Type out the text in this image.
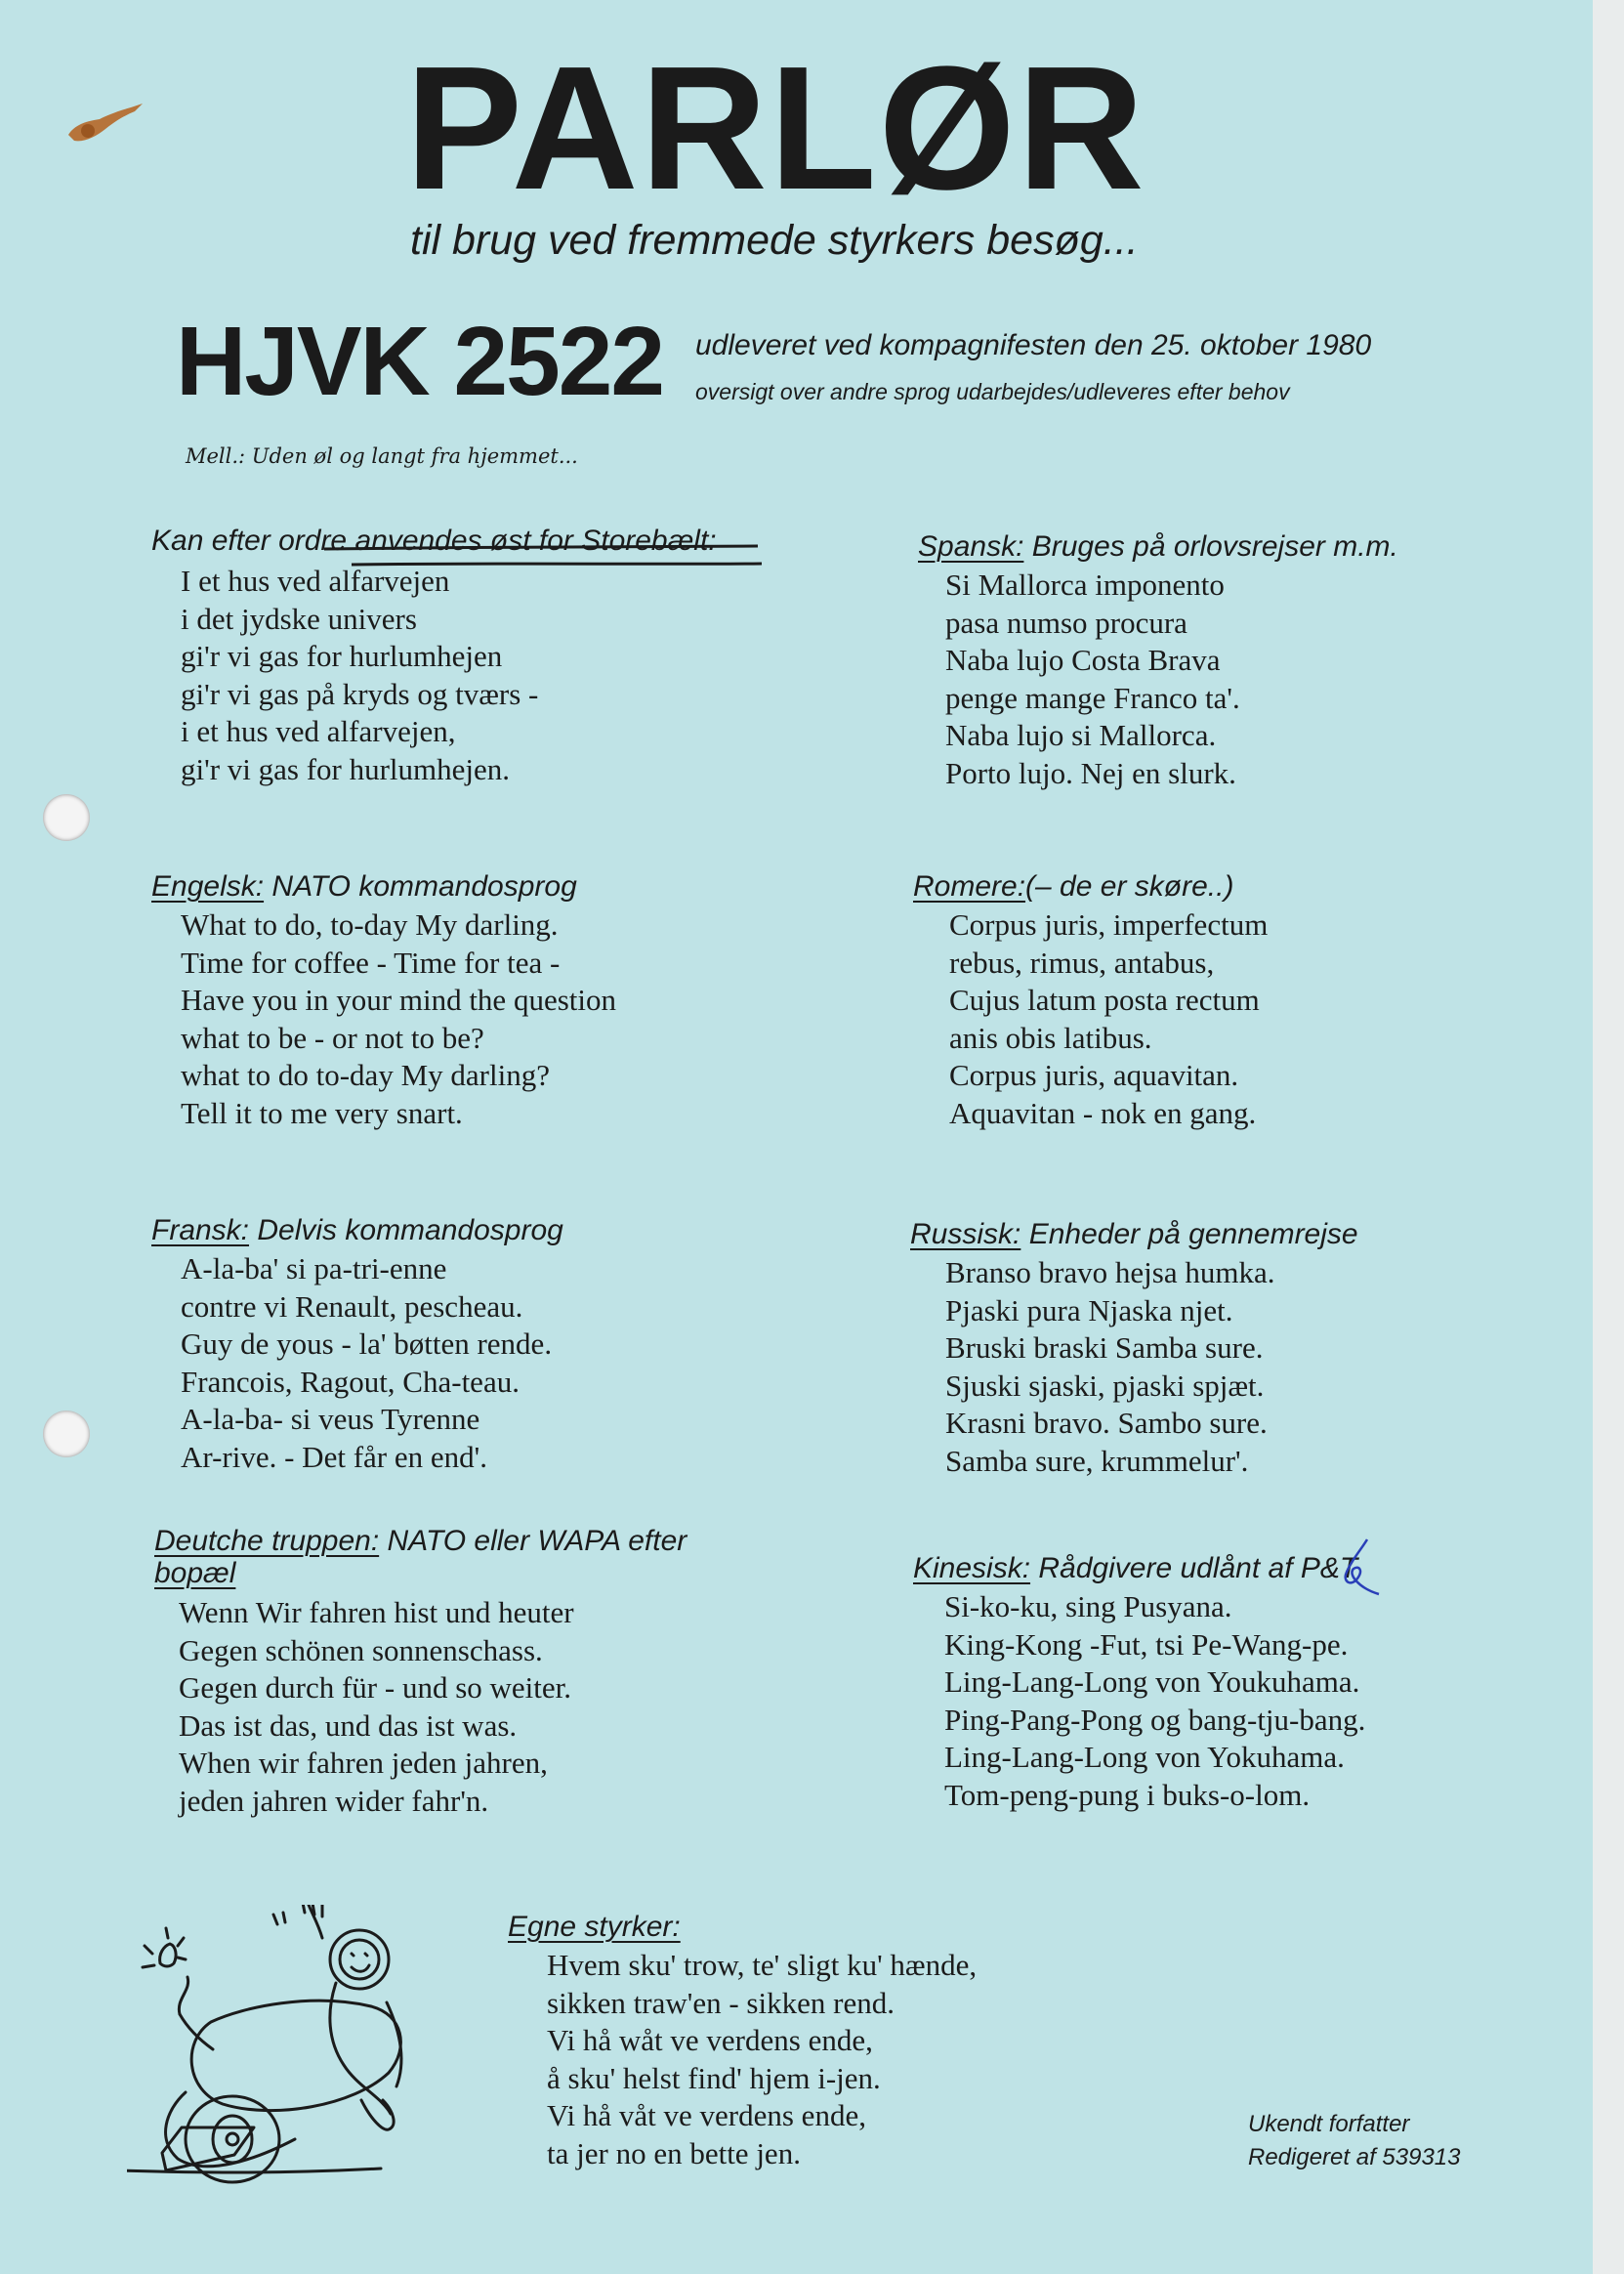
PARLØR
til brug ved fremmede styrkers besøg...
HJVK 2522 udleveret ved kompagnifesten den 25. oktober 1980
oversigt over andre sprog udarbejdes/udleveres efter behov
Mell.: Uden øl og langt fra hjemmet...
Kan efter ordre anvendes øst for Storebælt:
I et hus ved alfarvejen
i det jydske univers
gi'r vi gas for hurlumhejen
gi'r vi gas på kryds og tværs -
i et hus ved alfarvejen,
gi'r vi gas for hurlumhejen.
Spansk: Bruges på orlovsrejser m.m.
Si Mallorca imponento
pasa numso procura
Naba lujo Costa Brava
penge mange Franco ta'.
Naba lujo si Mallorca.
Porto lujo. Nej en slurk.
Engelsk: NATO kommandosprog
What to do, to-day My darling.
Time for coffee - Time for tea -
Have you in your mind the question
what to be - or not to be?
what to do to-day My darling?
Tell it to me very snart.
Romere:(– de er skøre..)
Corpus juris, imperfectum
rebus, rimus, antabus,
Cujus latum posta rectum
anis obis latibus.
Corpus juris, aquavitan.
Aquavitan - nok en gang.
Fransk: Delvis kommandosprog
A-la-ba' si pa-tri-enne
contre vi Renault, pescheau.
Guy de yous - la' bøtten rende.
Francois, Ragout, Cha-teau.
A-la-ba- si veus Tyrenne
Ar-rive. - Det får en end'.
Russisk: Enheder på gennemrejse
Branso bravo hejsa humka.
Pjaski pura Njaska njet.
Bruski braski Samba sure.
Sjuski sjaski, pjaski spjæt.
Krasni bravo. Sambo sure.
Samba sure, krummelur'.
Deutche truppen: NATO eller WAPA efter
bopæl
Wenn Wir fahren hist und heuter
Gegen schönen sonnenschass.
Gegen durch für - und so weiter.
Das ist das, und das ist was.
When wir fahren jeden jahren,
jeden jahren wider fahr'n.
Kinesisk: Rådgivere udlånt af P&T
Si-ko-ku, sing Pusyana.
King-Kong -Fut, tsi Pe-Wang-pe.
Ling-Lang-Long von Youkuhama.
Ping-Pang-Pong og bang-tju-bang.
Ling-Lang-Long von Yokuhama.
Tom-peng-pung i buks-o-lom.
Egne styrker:
Hvem sku' trow, te' sligt ku' hænde,
sikken traw'en - sikken rend.
Vi hå wåt ve verdens ende,
å sku' helst find' hjem i-jen.
Vi hå våt ve verdens ende,
ta jer no en bette jen.
Ukendt forfatter
Redigeret af 539313
